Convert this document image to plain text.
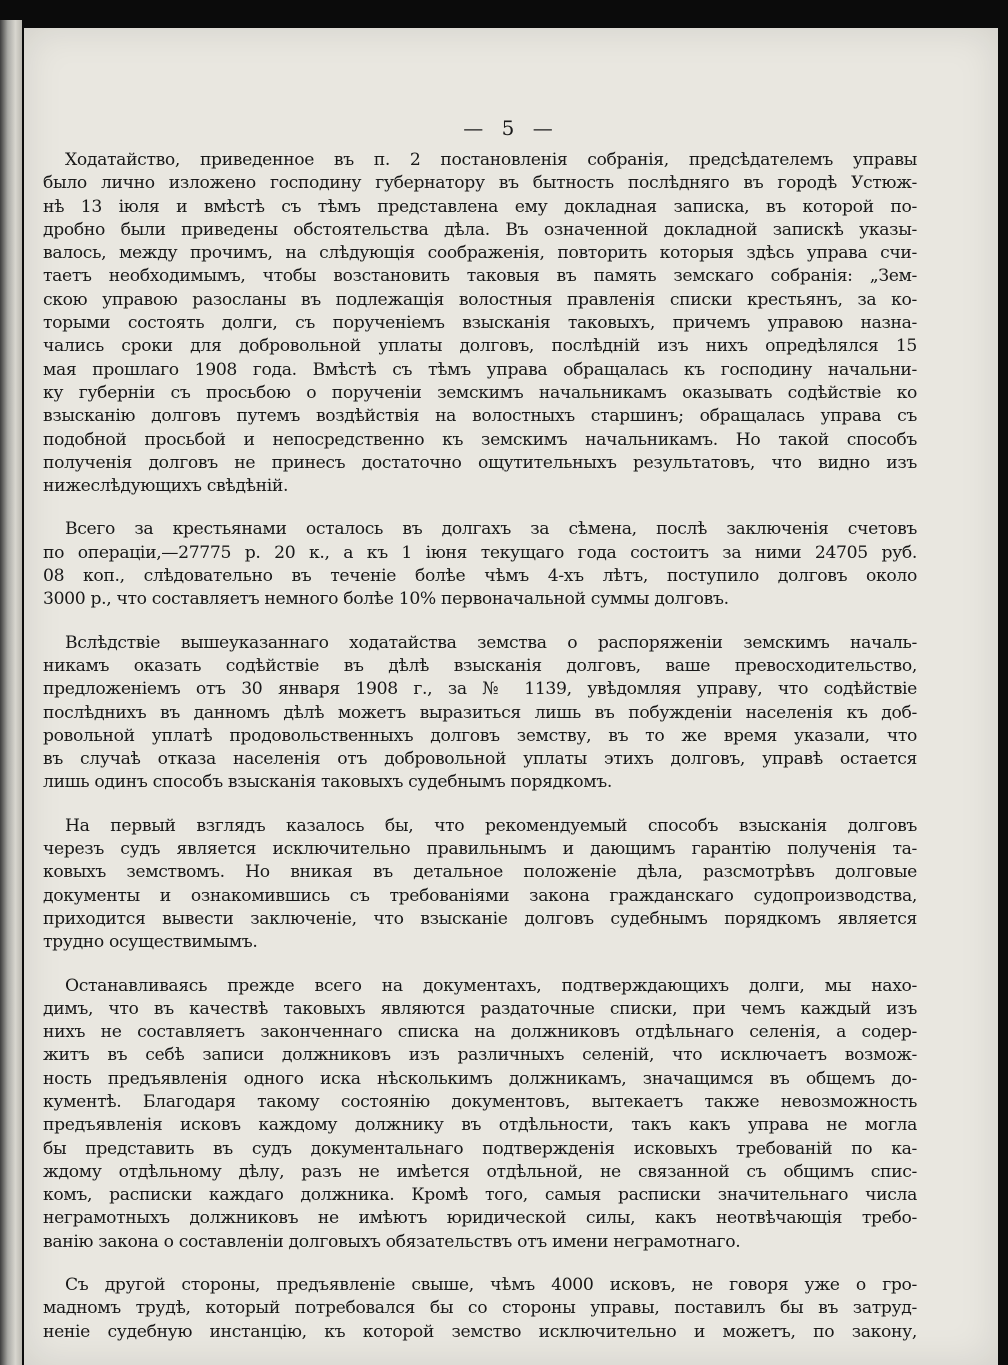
— 5 —
Ходатайство, приведенное въ п. 2 постановленія собранія, предсѣдателемъ управы
было лично изложено господину губернатору въ бытность послѣдняго въ городѣ Устюж-
нѣ 13 іюля и вмѣстѣ съ тѣмъ представлена ему докладная записка, въ которой по-
дробно были приведены обстоятельства дѣла. Въ означенной докладной запискѣ указы-
валось, между прочимъ, на слѣдующія соображенія, повторить которыя здѣсь управа счи-
таетъ необходимымъ, чтобы возстановить таковыя въ память земскаго собранія: „Зем-
скою управою разосланы въ подлежащія волостныя правленія списки крестьянъ, за ко-
торыми состоять долги, съ порученіемъ взысканія таковыхъ, причемъ управою назна-
чались сроки для добровольной уплаты долговъ, послѣдній изъ нихъ опредѣлялся 15
мая прошлаго 1908 года. Вмѣстѣ съ тѣмъ управа обращалась къ господину начальни-
ку губерніи съ просьбою о порученіи земскимъ начальникамъ оказывать содѣйствіе ко
взысканію долговъ путемъ воздѣйствія на волостныхъ старшинъ; обращалась управа съ
подобной просьбой и непосредственно къ земскимъ начальникамъ. Но такой способъ
полученія долговъ не принесъ достаточно ощутительныхъ результатовъ, что видно изъ
нижеслѣдующихъ свѣдѣній.
Всего за крестьянами осталось въ долгахъ за сѣмена, послѣ заключенія счетовъ
по операціи,—27775 р. 20 к., а къ 1 іюня текущаго года состоитъ за ними 24705 руб.
08 коп., слѣдовательно въ теченіе болѣе чѣмъ 4-хъ лѣтъ, поступило долговъ около
3000 р., что составляетъ немного болѣе 10% первоначальной суммы долговъ.
Вслѣдствіе вышеуказаннаго ходатайства земства о распоряженіи земскимъ началь-
никамъ оказать содѣйствіе въ дѣлѣ взысканія долговъ, ваше превосходительство,
предложеніемъ отъ 30 января 1908 г., за № 1139, увѣдомляя управу, что содѣйствіе
послѣднихъ въ данномъ дѣлѣ можетъ выразиться лишь въ побужденіи населенія къ доб-
ровольной уплатѣ продовольственныхъ долговъ земству, въ то же время указали, что
въ случаѣ отказа населенія отъ добровольной уплаты этихъ долговъ, управѣ остается
лишь одинъ способъ взысканія таковыхъ судебнымъ порядкомъ.
На первый взглядъ казалось бы, что рекомендуемый способъ взысканія долговъ
черезъ судъ является исключительно правильнымъ и дающимъ гарантію полученія та-
ковыхъ земствомъ. Но вникая въ детальное положеніе дѣла, разсмотрѣвъ долговые
документы и ознакомившись съ требованіями закона гражданскаго судопроизводства,
приходится вывести заключеніе, что взысканіе долговъ судебнымъ порядкомъ является
трудно осуществимымъ.
Останавливаясь прежде всего на документахъ, подтверждающихъ долги, мы нахо-
димъ, что въ качествѣ таковыхъ являются раздаточные списки, при чемъ каждый изъ
нихъ не составляетъ законченнаго списка на должниковъ отдѣльнаго селенія, а содер-
житъ въ себѣ записи должниковъ изъ различныхъ селеній, что исключаетъ возмож-
ность предъявленія одного иска нѣсколькимъ должникамъ, значащимся въ общемъ до-
кументѣ. Благодаря такому состоянію документовъ, вытекаетъ также невозможность
предъявленія исковъ каждому должнику въ отдѣльности, такъ какъ управа не могла
бы представить въ судъ документальнаго подтвержденія исковыхъ требованій по ка-
ждому отдѣльному дѣлу, разъ не имѣется отдѣльной, не связанной съ общимъ спис-
комъ, расписки каждаго должника. Кромѣ того, самыя расписки значительнаго числа
неграмотныхъ должниковъ не имѣютъ юридической силы, какъ неотвѣчающія требо-
ванію закона о составленіи долговыхъ обязательствъ отъ имени неграмотнаго.
Съ другой стороны, предъявленіе свыше, чѣмъ 4000 исковъ, не говоря уже о гро-
мадномъ трудѣ, который потребовался бы со стороны управы, поставилъ бы въ затруд-
неніе судебную инстанцію, къ которой земство исключительно и можетъ, по закону,
